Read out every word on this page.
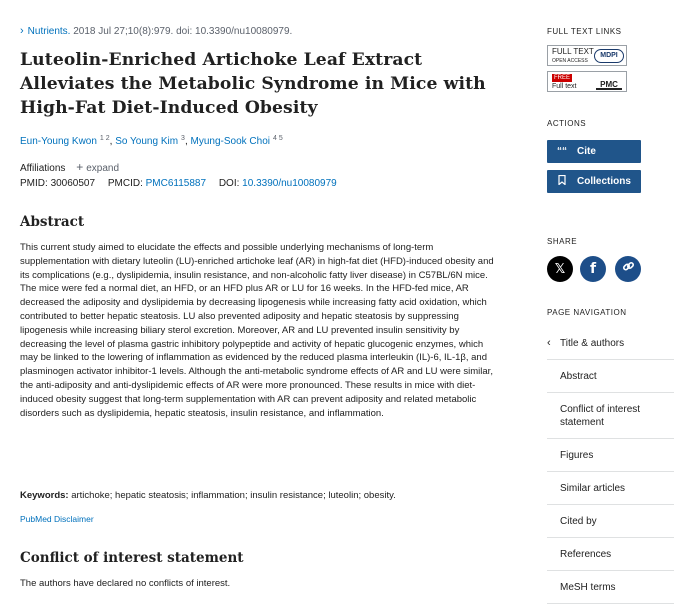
› Nutrients. 2018 Jul 27;10(8):979. doi: 10.3390/nu10080979.
Luteolin-Enriched Artichoke Leaf Extract Alleviates the Metabolic Syndrome in Mice with High-Fat Diet-Induced Obesity
Eun-Young Kwon $^{1 2}$, So Young Kim $^3$, Myung-Sook Choi $^{4 5}$
Affiliations + expand
PMID: 30060507 PMCID: PMC6115887 DOI: 10.3390/nu10080979
Abstract

This current study aimed to elucidate the effects and possible underlying mechanisms of long-term supplementation with dietary luteolin (LU)-enriched artichoke leaf (AR) in high-fat diet (HFD)-induced obesity and its complications (e.g., dyslipidemia, insulin resistance, and non-alcoholic fatty liver disease) in C57BL/6N mice. The mice were fed a normal diet, an HFD, or an HFD plus AR or LU for 16 weeks. In the HFD-fed mice, AR decreased the adiposity and dyslipidemia by decreasing lipogenesis while increasing fatty acid oxidation, which contributed to better hepatic steatosis. LU also prevented adiposity and hepatic steatosis by suppressing lipogenesis while increasing biliary sterol excretion. Moreover, AR and LU prevented insulin sensitivity by decreasing the level of plasma gastric inhibitory polypeptide and activity of hepatic glucogenic enzymes, which may be linked to the lowering of inflammation as evidenced by the reduced plasma interleukin (IL)-6, IL-1β, and plasminogen activator inhibitor-1 levels. Although the anti-metabolic syndrome effects of AR and LU were similar, the anti-adiposity and anti-dyslipidemic effects of AR were more pronounced. These results in mice with diet-induced obesity suggest that long-term supplementation with AR can prevent adiposity and related metabolic disorders such as dyslipidemia, hepatic steatosis, insulin resistance, and inflammation.

Keywords: artichoke; hepatic steatosis; inflammation; insulin resistance; luteolin; obesity.

PubMed Disclaimer
Conflict of interest statement

The authors have declared no conflicts of interest.

FULL TEXT LINKS
FULL TEXT
OPEN ACCESS
MDPI
FREE
Full text	PMC
ACTIONS
““	Cite
Collections
SHARE
𝕏 f
PAGE NAVIGATION
‹ Title & authors
Abstract
Conflict of interest statement
Figures
Similar articles
Cited by
References
MeSH terms
